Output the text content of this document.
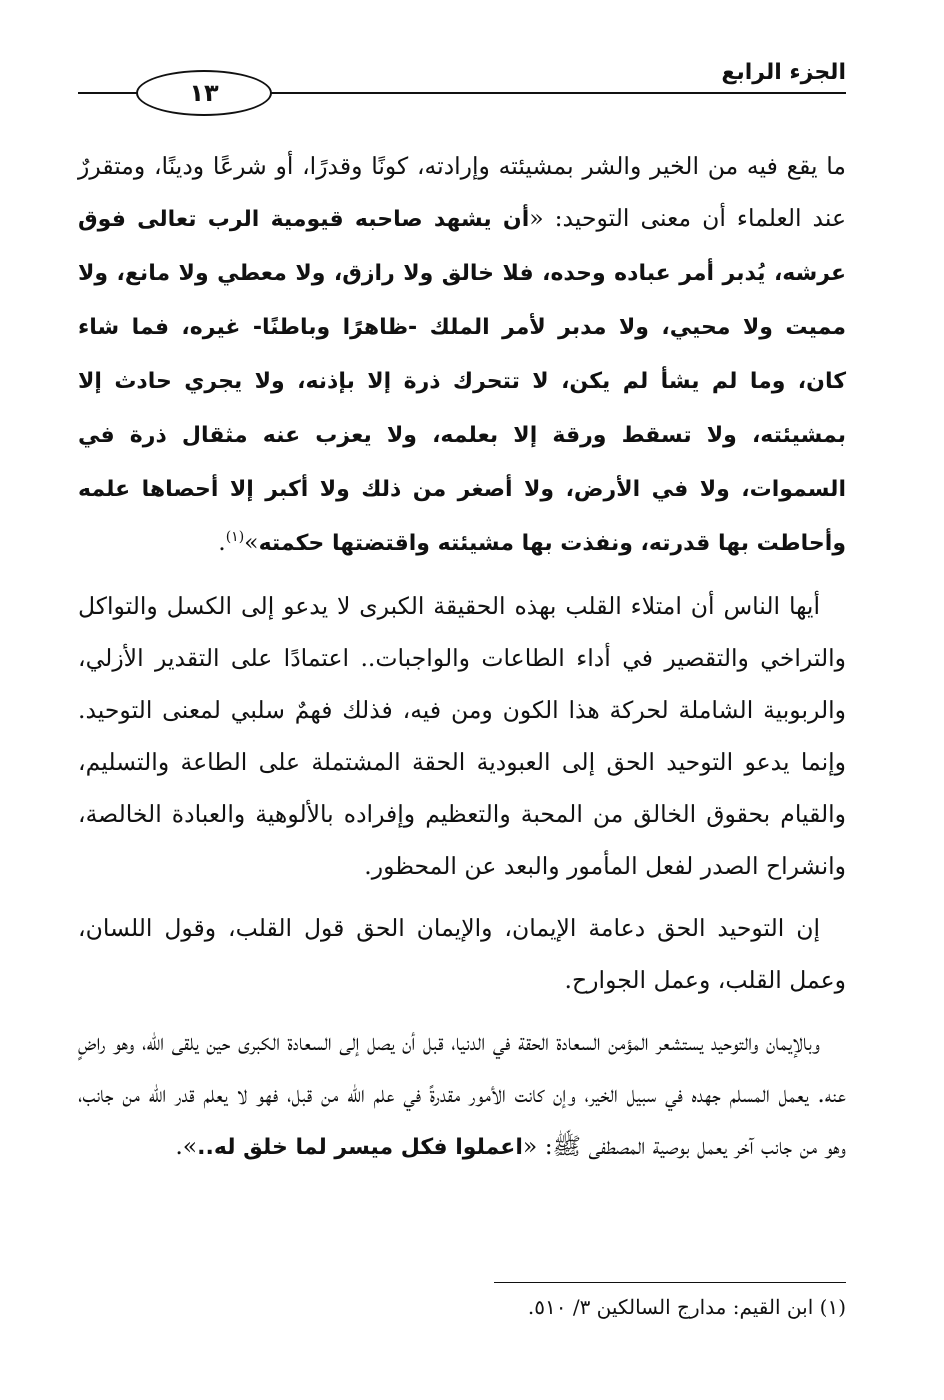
الجزء الرابع
١٣

ما يقع فيه من الخير والشر بمشيئته وإرادته، كونًا وقدرًا، أو شرعًا ودينًا، ومتقررٌ عند العلماء أن معنى التوحيد: «أن يشهد صاحبه قيومية الرب تعالى فوق عرشه، يُدبر أمر عباده وحده، فلا خالق ولا رازق، ولا معطي ولا مانع، ولا مميت ولا محيي، ولا مدبر لأمر الملك -ظاهرًا وباطنًا- غيره، فما شاء كان، وما لم يشأ لم يكن، لا تتحرك ذرة إلا بإذنه، ولا يجري حادث إلا بمشيئته، ولا تسقط ورقة إلا بعلمه، ولا يعزب عنه مثقال ذرة في السموات، ولا في الأرض، ولا أصغر من ذلك ولا أكبر إلا أحصاها علمه وأحاطت بها قدرته، ونفذت بها مشيئته واقتضتها حكمته»$^{(١)}$.

أيها الناس أن امتلاء القلب بهذه الحقيقة الكبرى لا يدعو إلى الكسل والتواكل والتراخي والتقصير في أداء الطاعات والواجبات.. اعتمادًا على التقدير الأزلي، والربوبية الشاملة لحركة هذا الكون ومن فيه، فذلك فهمٌ سلبي لمعنى التوحيد. وإنما يدعو التوحيد الحق إلى العبودية الحقة المشتملة على الطاعة والتسليم، والقيام بحقوق الخالق من المحبة والتعظيم وإفراده بالألوهية والعبادة الخالصة، وانشراح الصدر لفعل المأمور والبعد عن المحظور.

إن التوحيد الحق دعامة الإيمان، والإيمان الحق قول القلب، وقول اللسان، وعمل القلب، وعمل الجوارح.

وبالإيمان والتوحيد يستشعر المؤمن السعادة الحقة في الدنيا، قبل أن يصل إلى السعادة الكبرى حين يلقى الله، وهو راضٍ عنه. يعمل المسلم جهده في سبيل الخير، وإن كانت الأمور مقدرةً في علم الله من قبل، فهو لا يعلم قدر الله من جانب، وهو من جانب آخر يعمل بوصية المصطفى ﷺ: «اعملوا فكل ميسر لما خلق له..».

(١) ابن القيم: مدارج السالكين ٣/ ٥١٠.
